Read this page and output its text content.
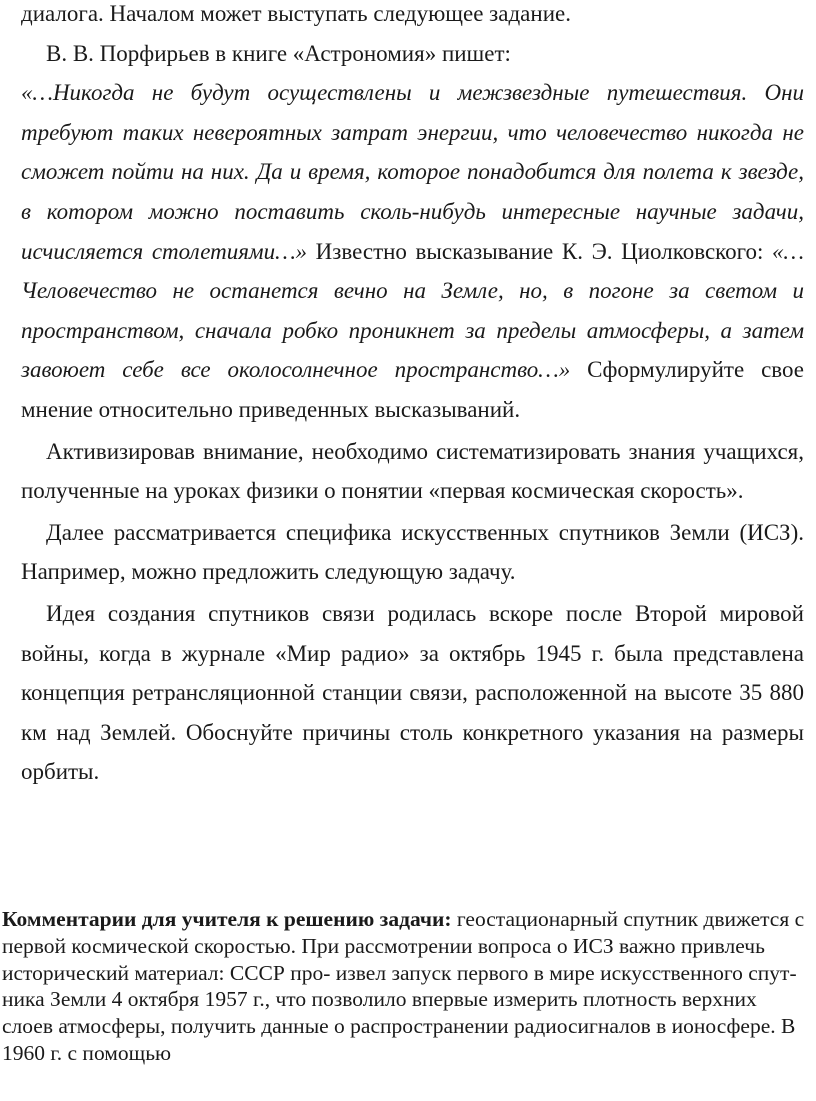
диалога. Началом может выступать следующее задание.

В. В. Порфирьев в книге «Астрономия» пишет:

«…Никогда не будут осуществлены и межзвездные путешествия. Они требуют таких невероятных затрат энергии, что человечество никогда не сможет пойти на них. Да и время, которое понадобится для полета к звезде, в котором можно поставить сколь-нибудь интересные научные задачи, исчисляется столетиями…» Известно высказывание К. Э. Циолковского: «…Человечество не останется вечно на Земле, но, в погоне за светом и пространством, сначала робко проникнет за пределы атмосферы, а затем завоюет себе все околосолнечное пространство…» Сформулируйте свое мнение относительно приведенных высказываний.

Активизировав внимание, необходимо систематизировать знания учащихся, полученные на уроках физики о понятии «первая космическая скорость».

Далее рассматривается специфика искусственных спутников Земли (ИСЗ). Например, можно предложить следующую задачу.

Идея создания спутников связи родилась вскоре после Второй мировой войны, когда в журнале «Мир радио» за октябрь 1945 г. была представлена концепция ретрансляционной станции связи, расположенной на высоте 35 880 км над Землей. Обоснуйте причины столь конкретного указания на размеры орбиты.

Комментарии для учителя к решению задачи: геостационарный спутник движется с первой космической скоростью. При рассмотрении вопроса о ИСЗ важно привлечь исторический материал: СССР про- извел запуск первого в мире искусственного спут- ника Земли 4 октября 1957 г., что позволило впервые измерить плотность верхних слоев атмосферы, получить данные о распространении радиосигналов в ионосфере. В 1960 г. с помощью
